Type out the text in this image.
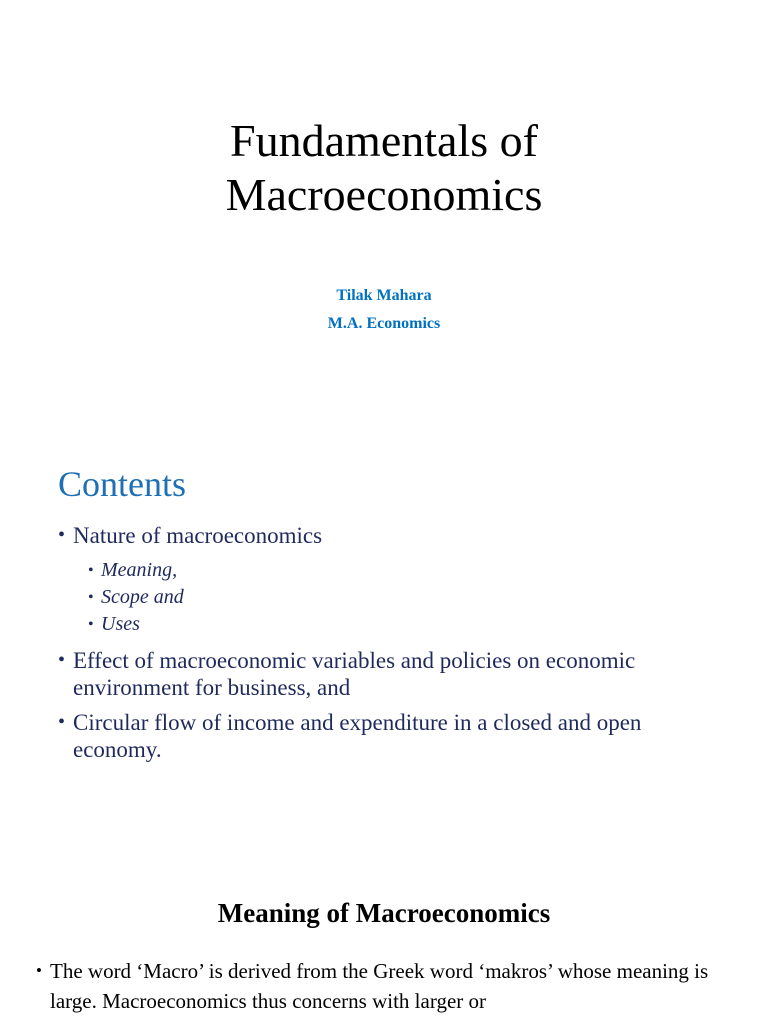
Fundamentals of
Macroeconomics
Tilak Mahara
M.A. Economics
Contents
• Nature of macroeconomics
• Meaning,
• Scope and
• Uses
• Effect of macroeconomic variables and policies on economic environment for business, and
• Circular flow of income and expenditure in a closed and open economy.
Meaning of Macroeconomics
• The word ‘Macro’ is derived from the Greek word ‘makros’ whose meaning is large. Macroeconomics thus concerns with larger or
